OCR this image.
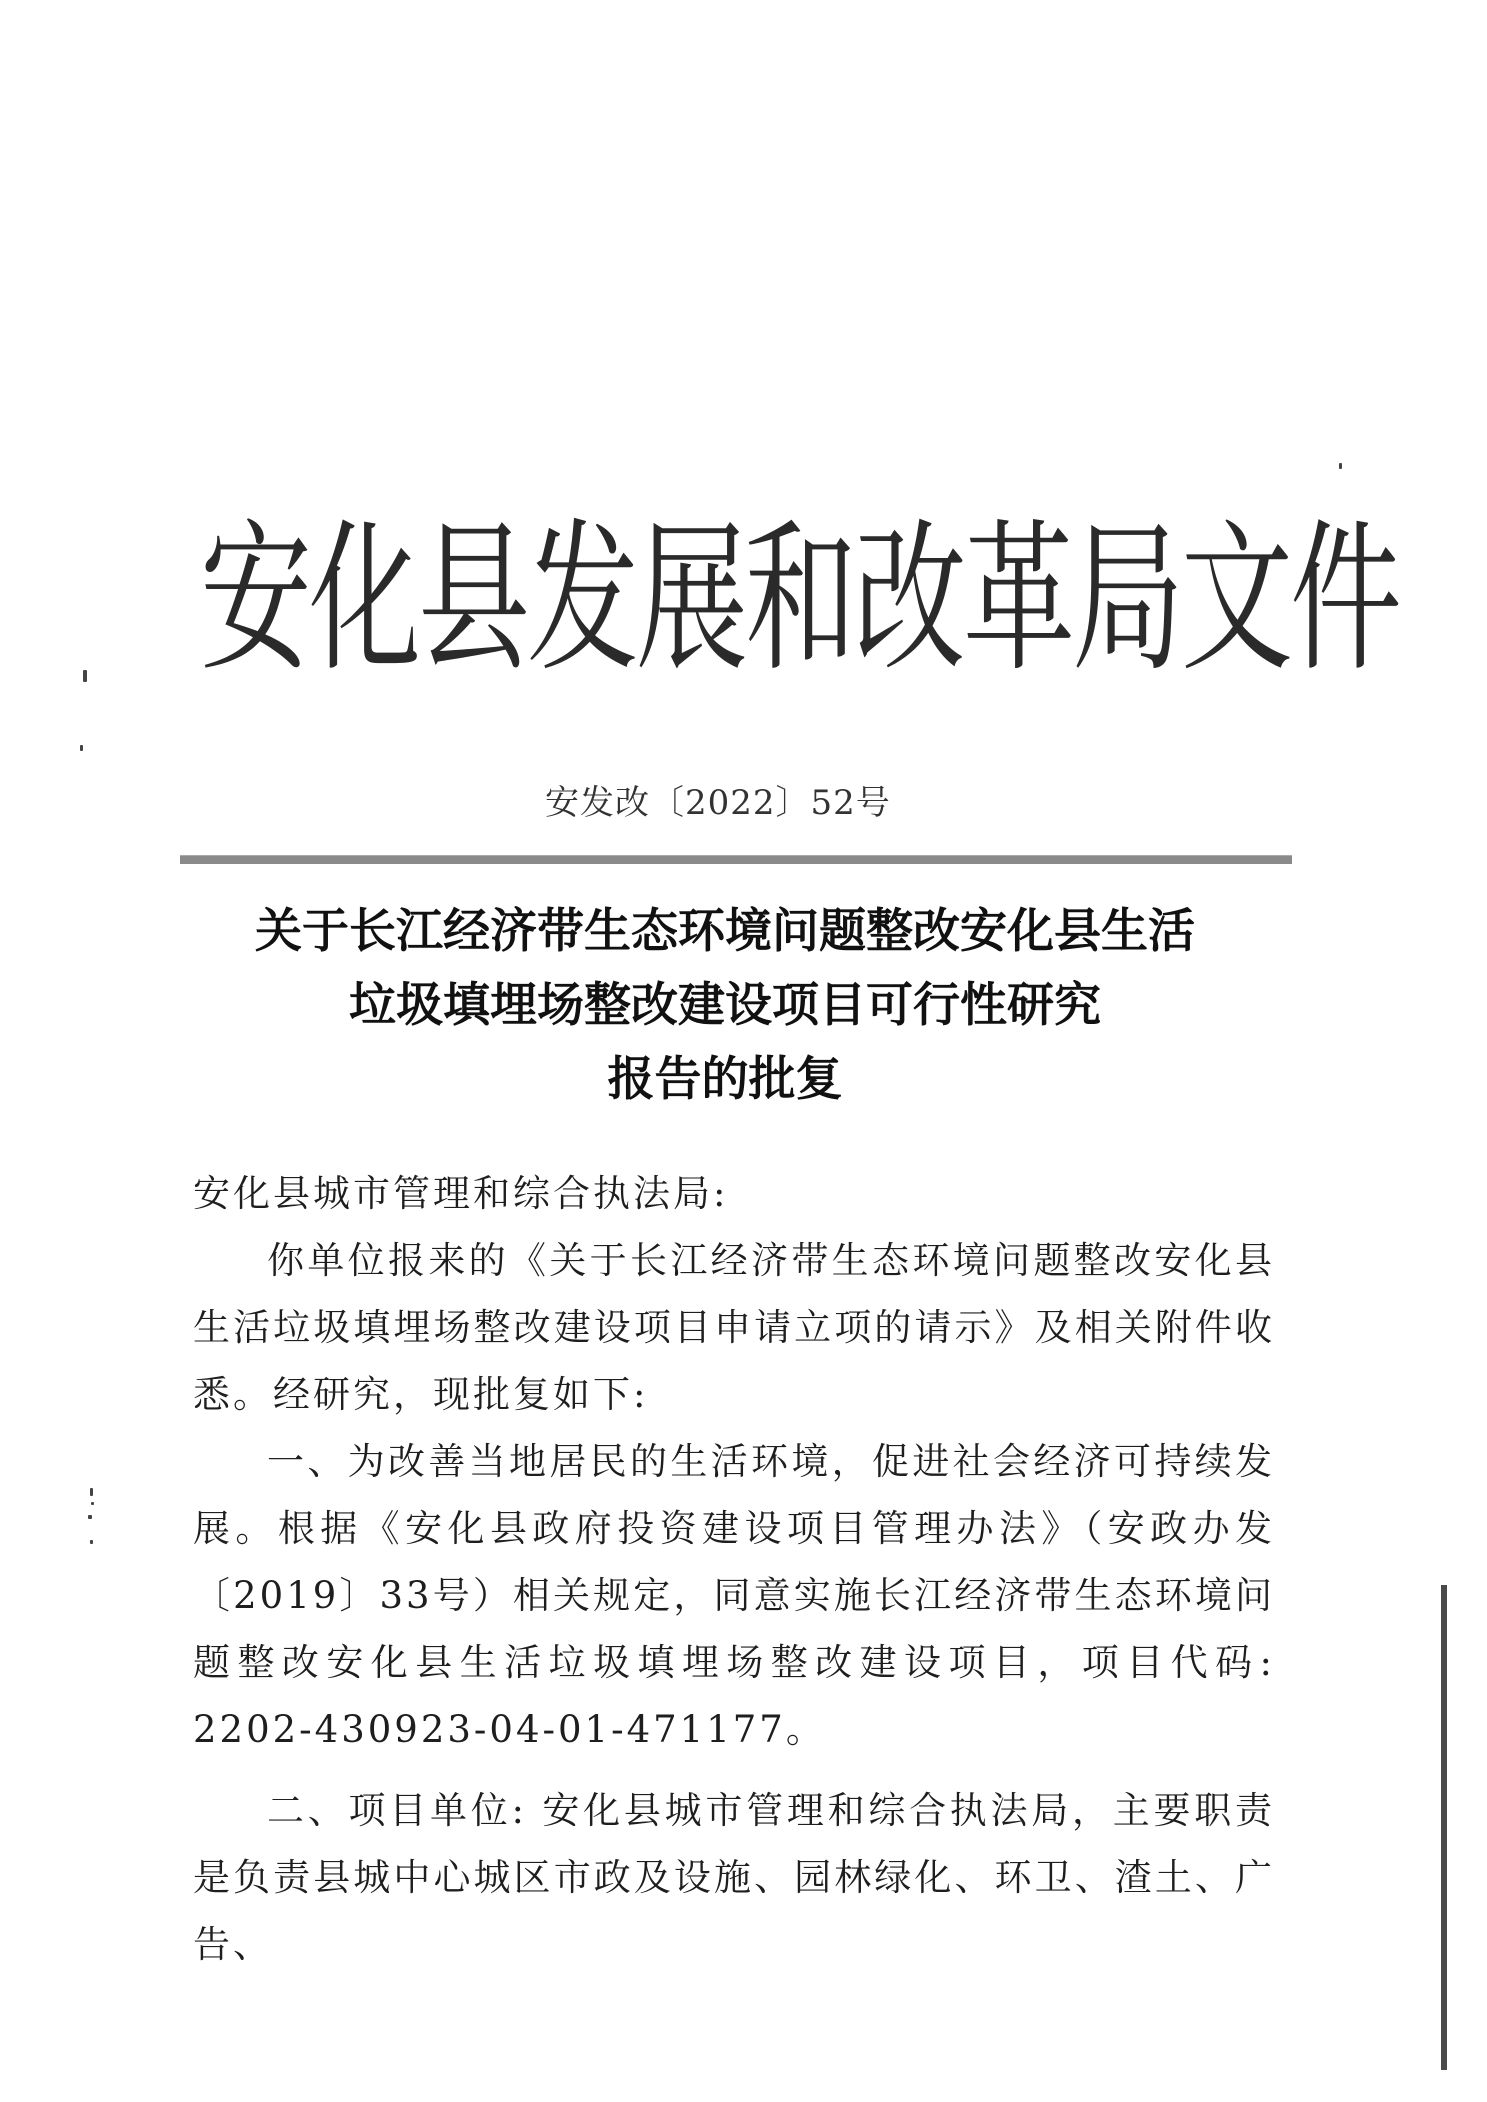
安化县发展和改革局文件
安发改〔2022〕52号
关于长江经济带生态环境问题整改安化县生活
垃圾填埋场整改建设项目可行性研究
报告的批复

安化县城市管理和综合执法局:

你单位报来的《关于长江经济带生态环境问题整改安化县生活垃圾填埋场整改建设项目申请立项的请示》及相关附件收悉。经研究，现批复如下:

一、为改善当地居民的生活环境，促进社会经济可持续发展。根据《安化县政府投资建设项目管理办法》（安政办发〔2019〕33号）相关规定，同意实施长江经济带生态环境问题整改安化县生活垃圾填埋场整改建设项目，项目代码: 2202-430923-04-01-471177。

二、项目单位: 安化县城市管理和综合执法局，主要职责是负责县城中心城区市政及设施、园林绿化、环卫、渣土、广告、
